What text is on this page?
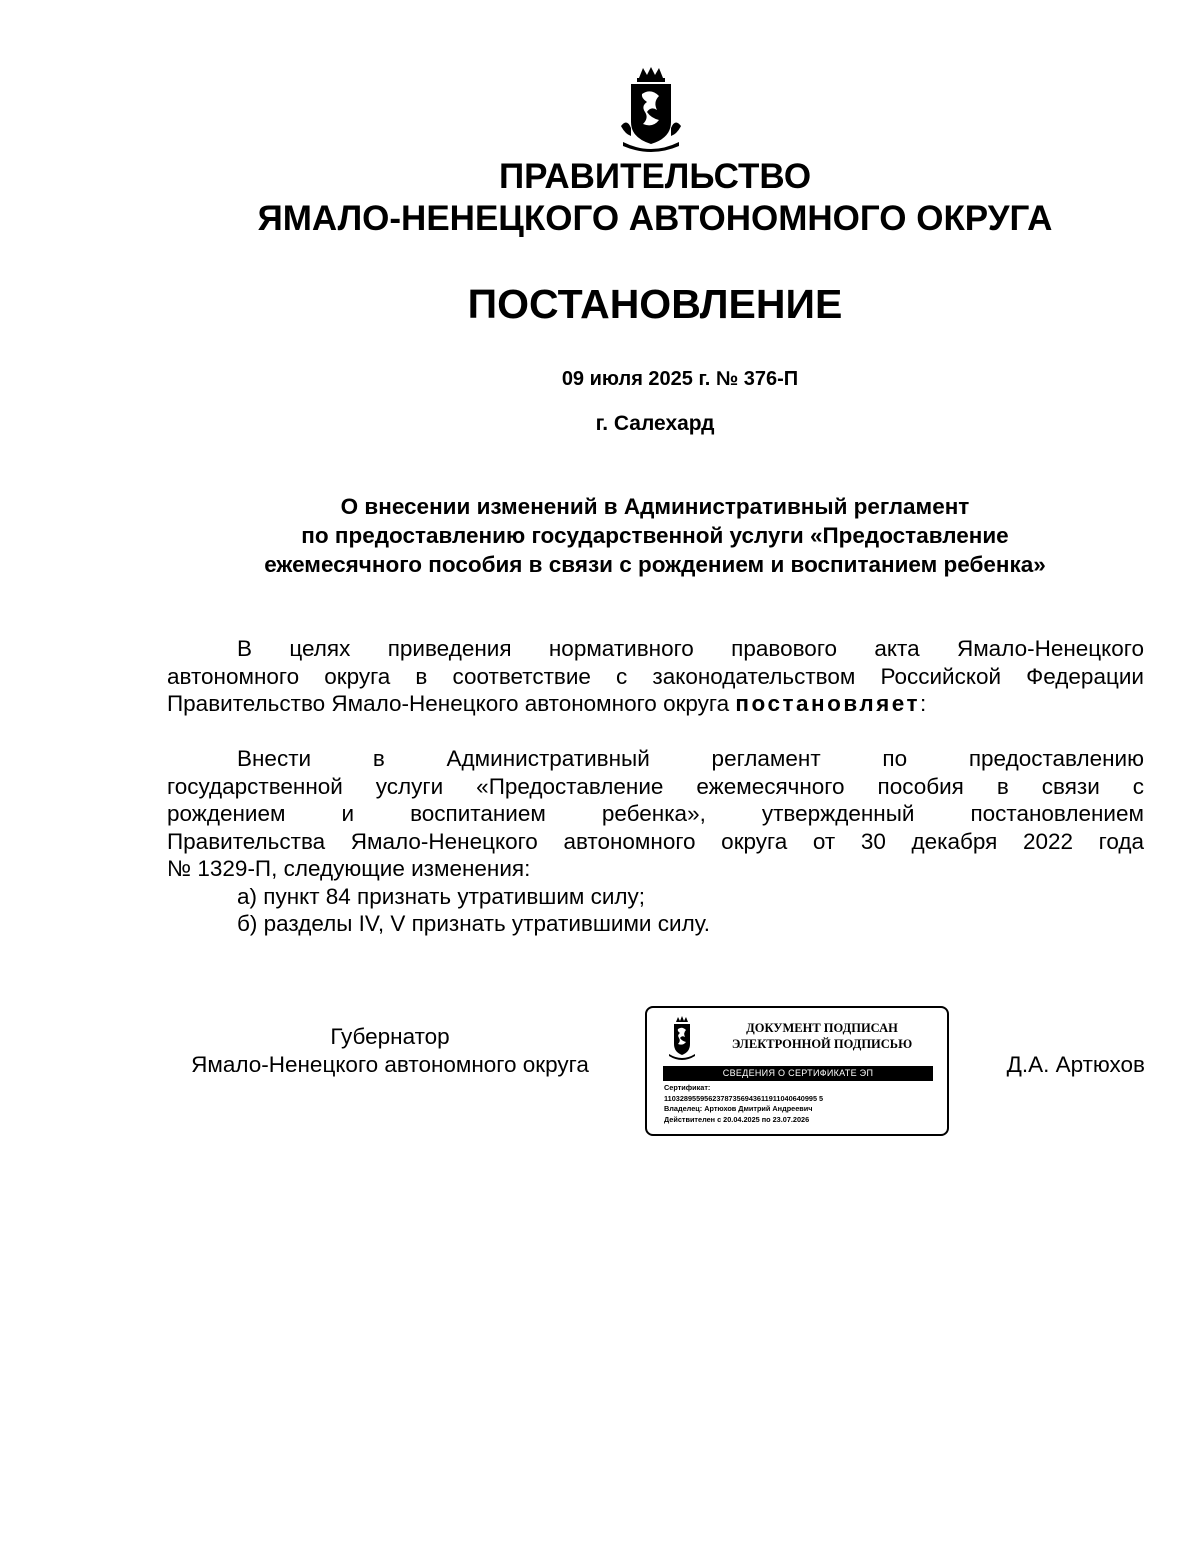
ПРАВИТЕЛЬСТВО
ЯМАЛО-НЕНЕЦКОГО АВТОНОМНОГО ОКРУГА
ПОСТАНОВЛЕНИЕ
09 июля 2025 г. № 376-П
г. Салехард
О внесении изменений в Административный регламент
по предоставлению государственной услуги «Предоставление
ежемесячного пособия в связи с рождением и воспитанием ребенка»
В целях приведения нормативного правового акта Ямало-Ненецкого
автономного округа в соответствие с законодательством Российской Федерации
Правительство Ямало-Ненецкого автономного округа постановляет:
Внести в Административный регламент по предоставлению
государственной услуги «Предоставление ежемесячного пособия в связи с
рождением и воспитанием ребенка», утвержденный постановлением
Правительства Ямало-Ненецкого автономного округа от 30 декабря 2022 года
№ 1329-П, следующие изменения:
а) пункт 84 признать утратившим силу;
б) разделы IV, V признать утратившими силу.
Губернатор
Ямало-Ненецкого автономного округа
ДОКУМЕНТ ПОДПИСАН
ЭЛЕКТРОННОЙ ПОДПИСЬЮ
СВЕДЕНИЯ О СЕРТИФИКАТЕ ЭП
Сертификат:
11032895595623787356943611911040640995 5
Владелец: Артюхов Дмитрий Андреевич
Действителен с 20.04.2025 по 23.07.2026
Д.А. Артюхов
